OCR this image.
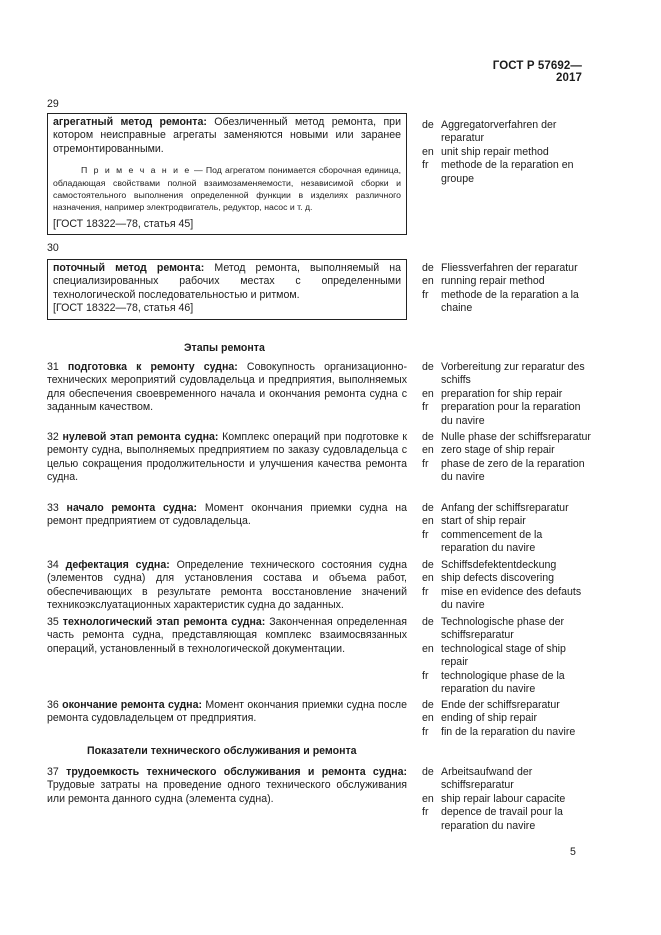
ГОСТ Р 57692—2017
29
агрегатный метод ремонта: Обезличенный метод ремонта, при котором неисправные агрегаты заменяются новыми или заранее отремонтированными.
П р и м е ч а н и е — Под агрегатом понимается сборочная единица, обладающая свойствами полной взаимозаменяемости, независимой сборки и самостоятельного выполнения определенной функции в изделиях различного назначения, например электродвигатель, редуктор, насос и т. д.
[ГОСТ 18322—78, статья 45]
de Aggregatorverfahren der reparatur
en unit ship repair method
fr	methode de la reparation en groupe
30
поточный метод ремонта: Метод ремонта, выполняемый на специализированных рабочих местах с определенными технологической последовательностью и ритмом.
[ГОСТ 18322—78, статья 46]
de Fliessverfahren der reparatur
en running repair method
fr	methode de la reparation a la chaine
Этапы ремонта
31 подготовка к ремонту судна: Совокупность организационно-технических мероприятий судовладельца и предприятия, выполняемых для обеспечения своевременного начала и окончания ремонта судна с заданным качеством.
de Vorbereitung zur reparatur des schiffs
en preparation for ship repair
fr	preparation pour la reparation du navire
32 нулевой этап ремонта судна: Комплекс операций при подготовке к ремонту судна, выполняемых предприятием по заказу судовладельца с целью сокращения продолжительности и улучшения качества ремонта судна.
de Nulle phase der schiffsreparatur
en zero stage of ship repair
fr	phase de zero de la reparation du navire
33 начало ремонта судна: Момент окончания приемки судна на ремонт предприятием от судовладельца.
de Anfang der schiffsreparatur
en start of ship repair
fr	commencement de la reparation du navire
34 дефектация судна: Определение технического состояния судна (элементов судна) для установления состава и объема работ, обеспечивающих в результате ремонта восстановление значений техникоэкслуатационных характеристик судна до заданных.
de Schiffsdefektentdeckung
en ship defects discovering
fr	mise en evidence des defauts du navire
35 технологический этап ремонта судна: Законченная определенная часть ремонта судна, представляющая комплекс взаимосвязанных операций, установленный в технологической документации.
de Technologische phase der schiffsreparatur
en technological stage of ship repair
fr	technologique phase de la reparation du navire
36 окончание ремонта судна: Момент окончания приемки судна после ремонта судовладельцем от предприятия.
de Ende der schiffsreparatur
en ending of ship repair
fr	fin de la reparation du navire
Показатели технического обслуживания и ремонта
37 трудоемкость технического обслуживания и ремонта судна: Трудовые затраты на проведение одного технического обслуживания или ремонта данного судна (элемента судна).
de Arbeitsaufwand der schiffsreparatur
en ship repair labour capacite
fr	depence de travail pour la reparation du navire
5
